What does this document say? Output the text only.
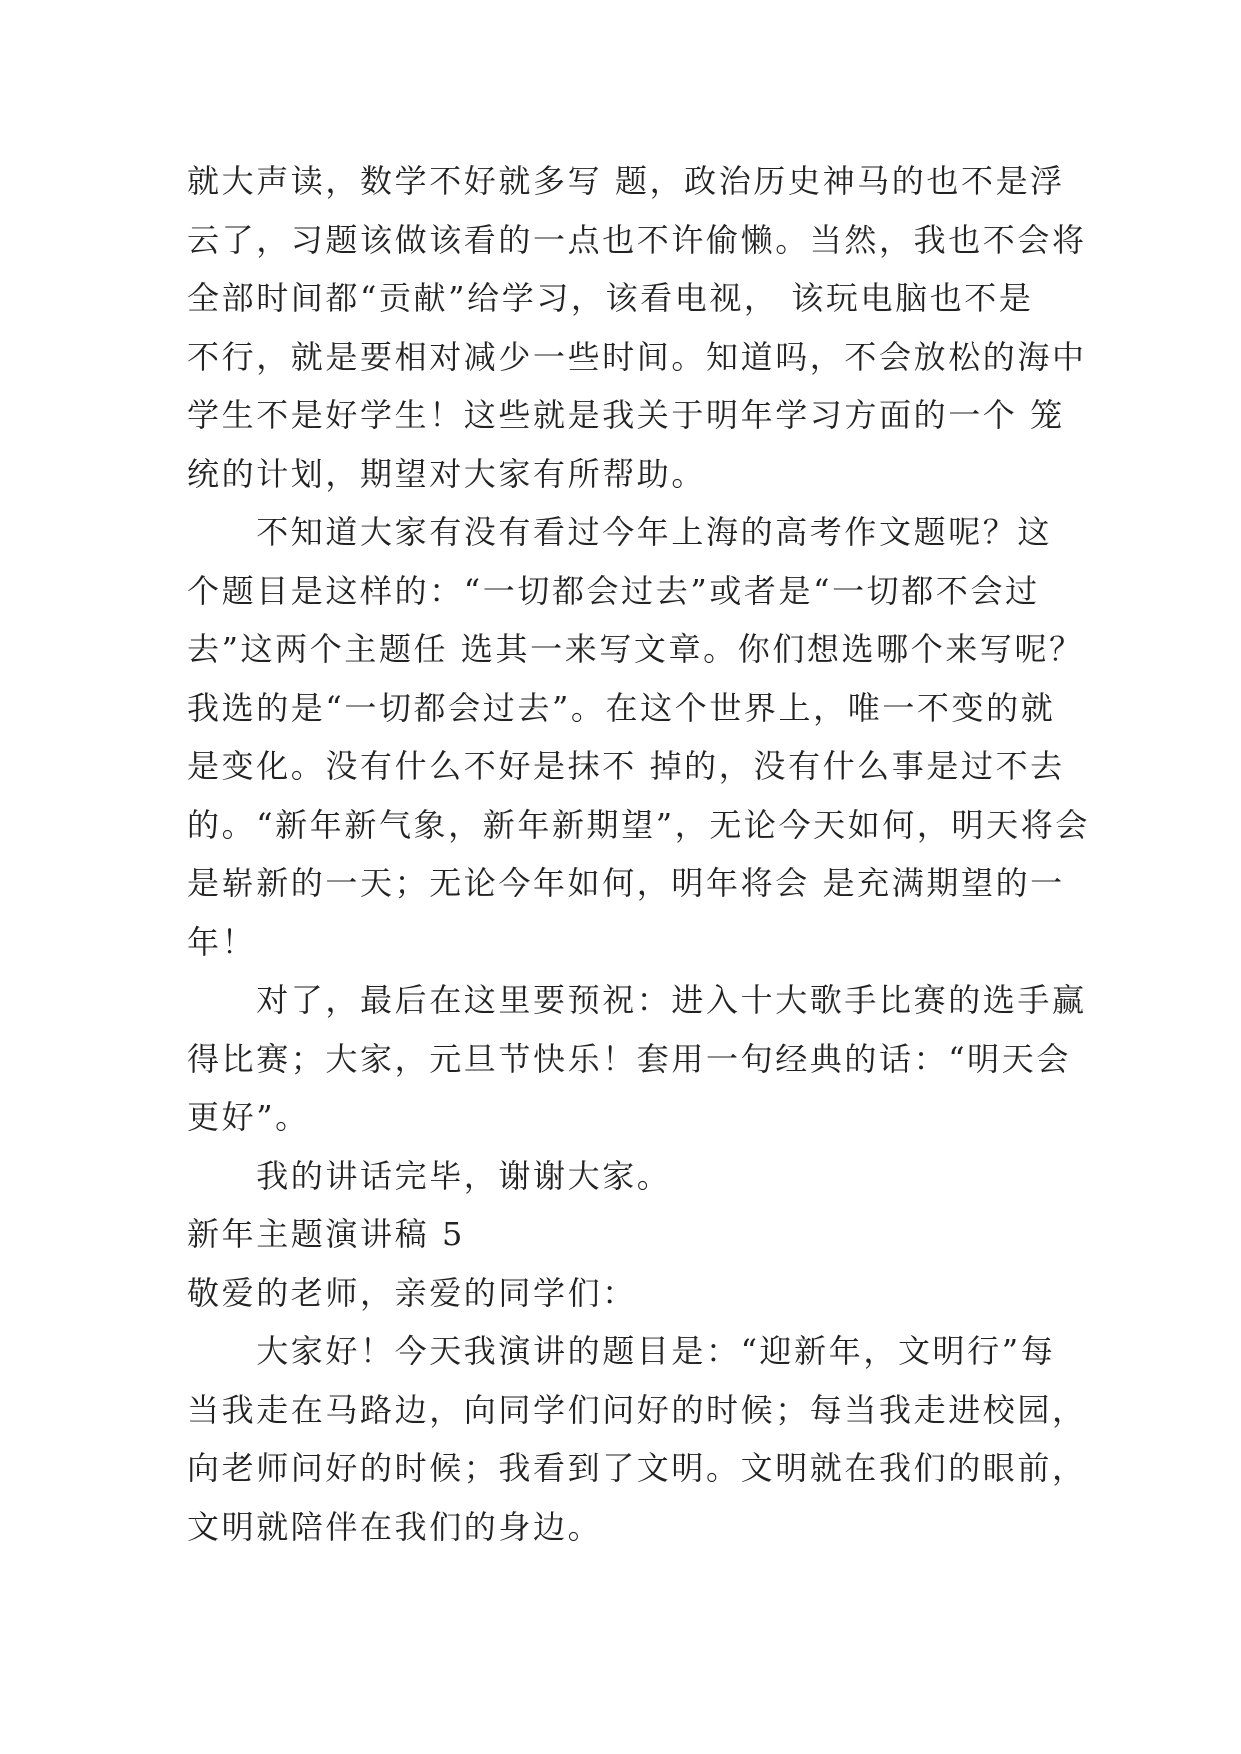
就大声读，数学不好就多写 题，政治历史神马的也不是浮
云了，习题该做该看的一点也不许偷懒。当然，我也不会将
全部时间都“贡献”给学习，该看电视， 该玩电脑也不是
不行，就是要相对减少一些时间。知道吗，不会放松的海中
学生不是好学生！这些就是我关于明年学习方面的一个 笼
统的计划，期望对大家有所帮助。
　　不知道大家有没有看过今年上海的高考作文题呢？这
个题目是这样的：“一切都会过去”或者是“一切都不会过
去”这两个主题任 选其一来写文章。你们想选哪个来写呢？
我选的是“一切都会过去”。在这个世界上，唯一不变的就
是变化。没有什么不好是抹不 掉的，没有什么事是过不去
的。“新年新气象，新年新期望”，无论今天如何，明天将会
是崭新的一天；无论今年如何，明年将会 是充满期望的一
年！
　　对了，最后在这里要预祝：进入十大歌手比赛的选手赢
得比赛；大家，元旦节快乐！套用一句经典的话：“明天会
更好”。
　　我的讲话完毕，谢谢大家。
新年主题演讲稿 5
敬爱的老师，亲爱的同学们：
　　大家好！今天我演讲的题目是：“迎新年，文明行”每
当我走在马路边，向同学们问好的时候；每当我走进校园，
向老师问好的时候；我看到了文明。文明就在我们的眼前，
文明就陪伴在我们的身边。
